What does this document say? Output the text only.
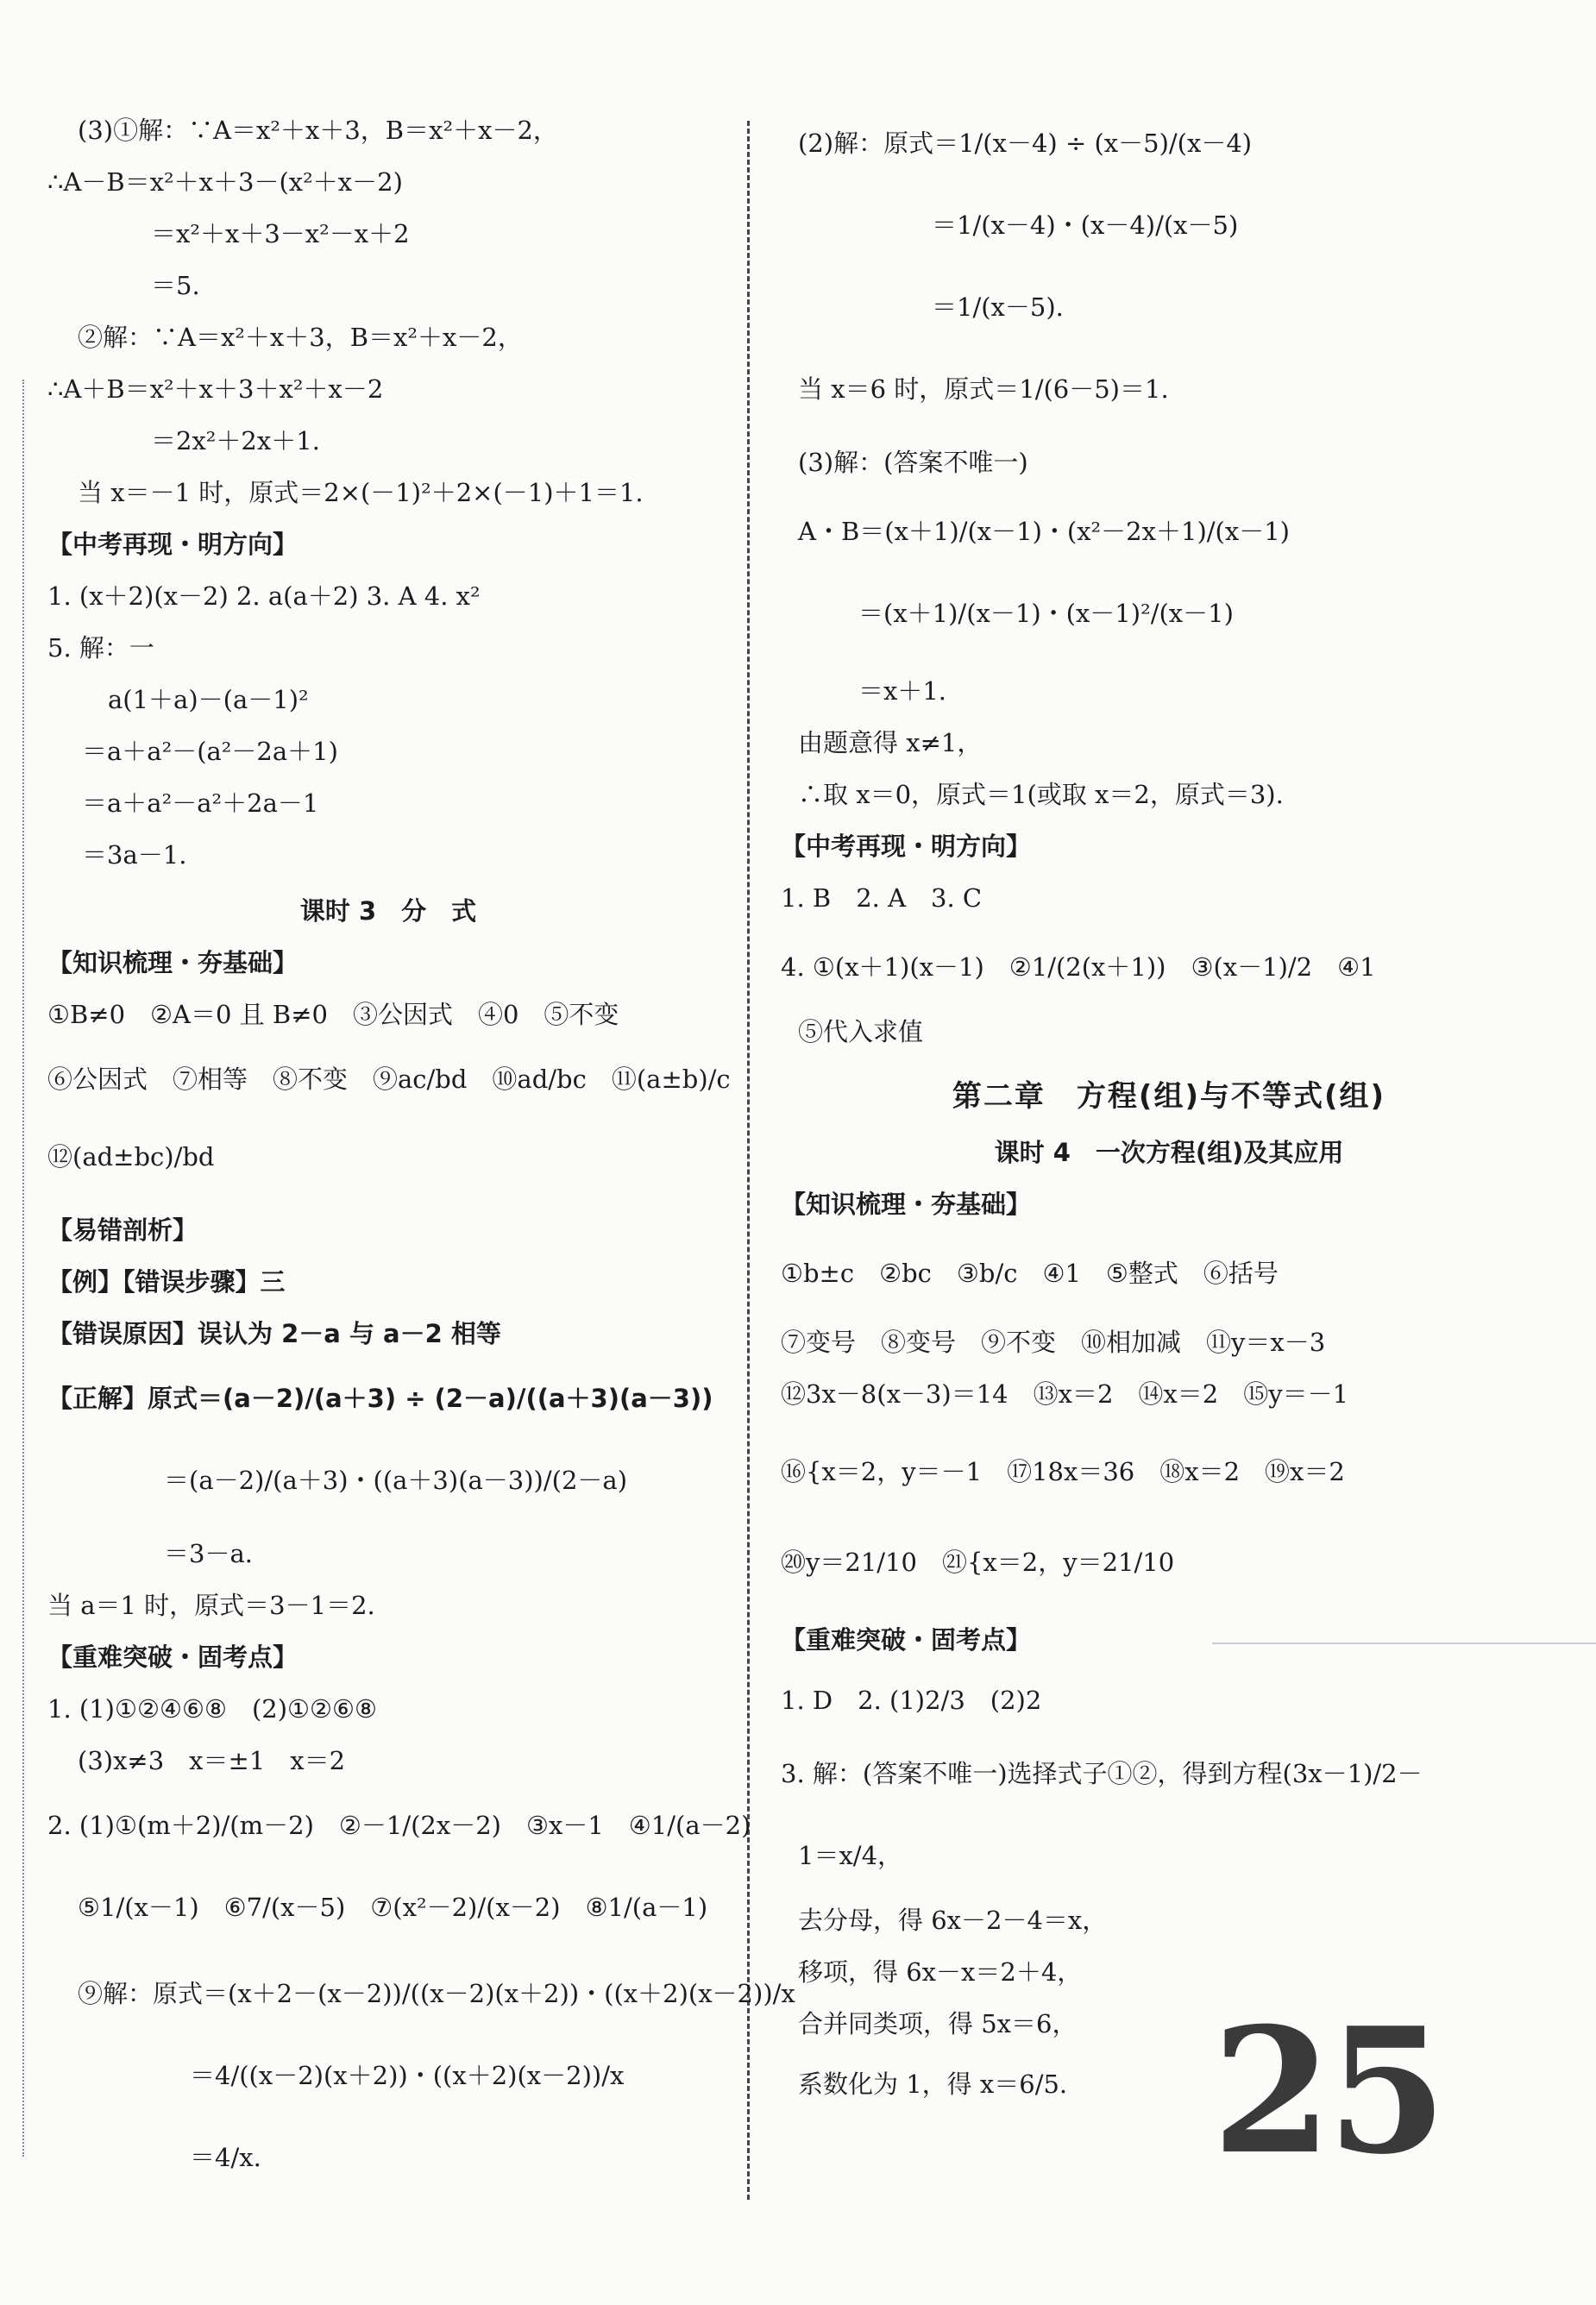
(3)①解：∵A＝x²＋x＋3，B＝x²＋x－2，
∴A－B＝x²＋x＋3－(x²＋x－2)
＝x²＋x＋3－x²－x＋2
＝5.
②解：∵A＝x²＋x＋3，B＝x²＋x－2，
∴A＋B＝x²＋x＋3＋x²＋x－2
＝2x²＋2x＋1.
当 x＝－1 时，原式＝2×(－1)²＋2×(－1)＋1＝1.
【中考再现・明方向】
1. (x＋2)(x－2) 2. a(a＋2) 3. A 4. x²
5. 解：一
a(1＋a)－(a－1)²
＝a＋a²－(a²－2a＋1)
＝a＋a²－a²＋2a－1
＝3a－1.
课时 3　分　式
【知识梳理・夯基础】
①B≠0　②A＝0 且 B≠0　③公因式　④0　⑤不变
⑥公因式　⑦相等　⑧不变　⑨ac/bd　⑩ad/bc　⑪(a±b)/c
⑫(ad±bc)/bd
【易错剖析】
【例】【错误步骤】三
【错误原因】误认为 2－a 与 a－2 相等
【正解】原式＝(a－2)/(a＋3) ÷ (2－a)/((a＋3)(a－3))
＝(a－2)/(a＋3)・((a＋3)(a－3))/(2－a)
＝3－a.
当 a＝1 时，原式＝3－1＝2.
【重难突破・固考点】
1. (1)①②④⑥⑧　(2)①②⑥⑧
(3)x≠3　x＝±1　x＝2
2. (1)①(m＋2)/(m－2)　②－1/(2x－2)　③x－1　④1/(a－2)
⑤1/(x－1)　⑥7/(x－5)　⑦(x²－2)/(x－2)　⑧1/(a－1)
⑨解：原式＝(x＋2－(x－2))/((x－2)(x＋2))・((x＋2)(x－2))/x
＝4/((x－2)(x＋2))・((x＋2)(x－2))/x
＝4/x.
(2)解：原式＝1/(x－4) ÷ (x－5)/(x－4)
＝1/(x－4)・(x－4)/(x－5)
＝1/(x－5).
当 x＝6 时，原式＝1/(6－5)＝1.
(3)解：(答案不唯一)
A・B＝(x＋1)/(x－1)・(x²－2x＋1)/(x－1)
＝(x＋1)/(x－1)・(x－1)²/(x－1)
＝x＋1.
由题意得 x≠1，
∴取 x＝0，原式＝1(或取 x＝2，原式＝3).
【中考再现・明方向】
1. B　2. A　3. C
4. ①(x＋1)(x－1)　②1/(2(x＋1))　③(x－1)/2　④1
⑤代入求值
第二章　方程(组)与不等式(组)
课时 4　一次方程(组)及其应用
【知识梳理・夯基础】
①b±c　②bc　③b/c　④1　⑤整式　⑥括号
⑦变号　⑧变号　⑨不变　⑩相加减　⑪y＝x－3
⑫3x－8(x－3)＝14　⑬x＝2　⑭x＝2　⑮y＝－1
⑯{x＝2，y＝－1　⑰18x＝36　⑱x＝2　⑲x＝2
⑳y＝21/10　㉑{x＝2，y＝21/10
【重难突破・固考点】
1. D　2. (1)2/3　(2)2
3. 解：(答案不唯一)选择式子①②，得到方程(3x－1)/2－
1＝x/4，
去分母，得 6x－2－4＝x，
移项，得 6x－x＝2＋4，
合并同类项，得 5x＝6，
系数化为 1，得 x＝6/5. 25
